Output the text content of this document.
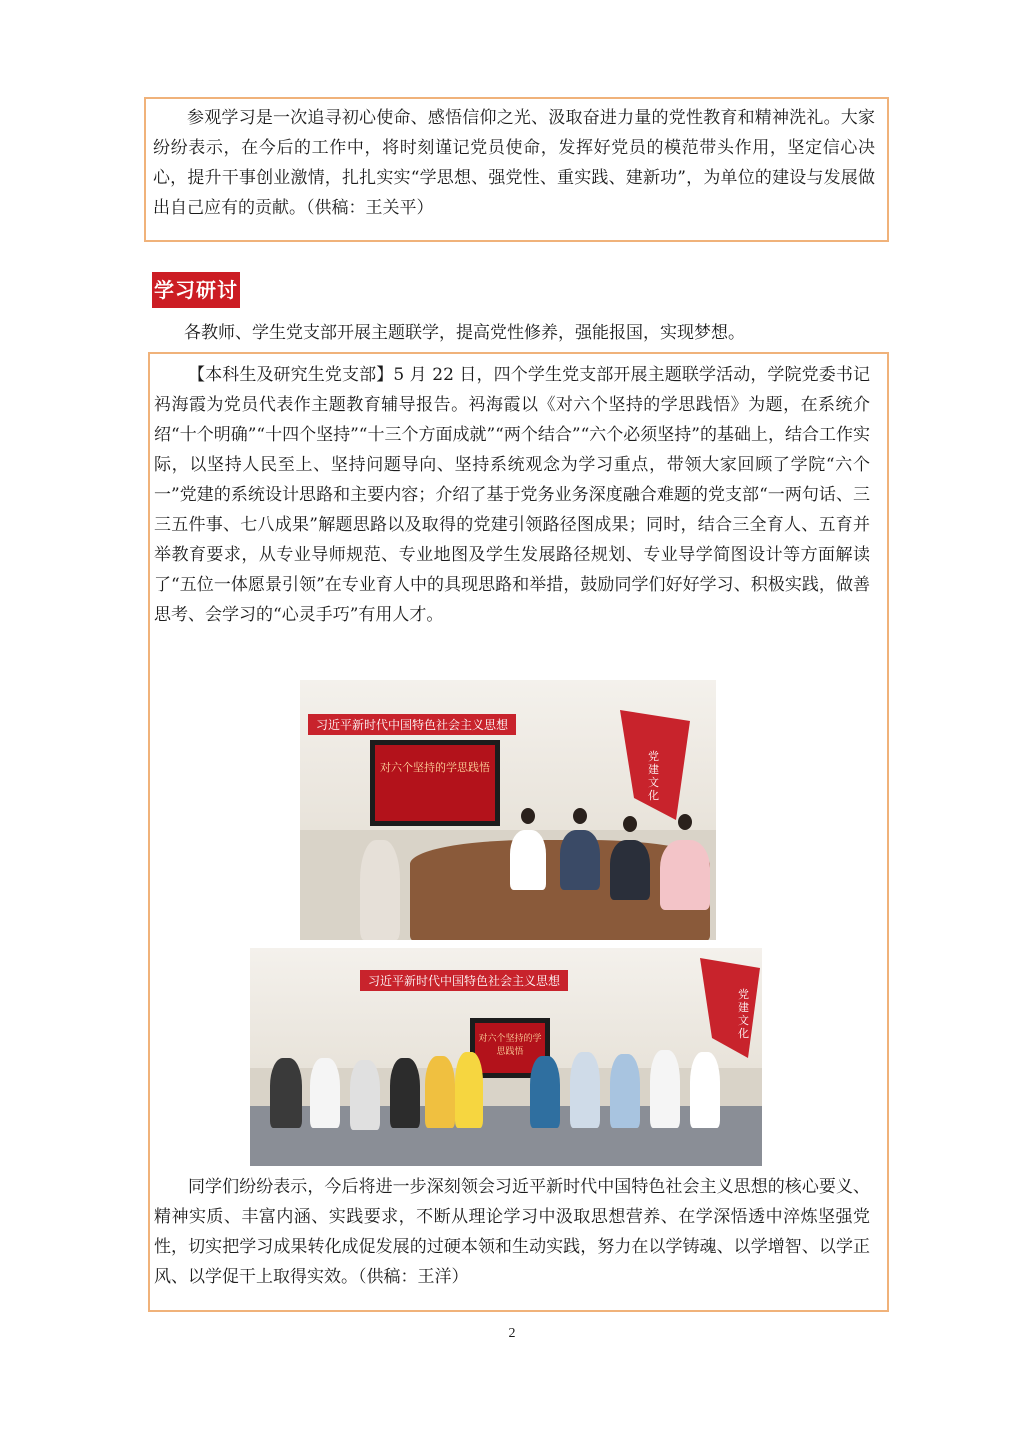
参观学习是一次追寻初心使命、感悟信仰之光、汲取奋进力量的党性教育和精神洗礼。大家纷纷表示，在今后的工作中，将时刻谨记党员使命，发挥好党员的模范带头作用，坚定信心决心，提升干事创业激情，扎扎实实“学思想、强党性、重实践、建新功”，为单位的建设与发展做出自己应有的贡献。（供稿：王关平）

学习研讨

各教师、学生党支部开展主题联学，提高党性修养，强能报国，实现梦想。

【本科生及研究生党支部】5 月 22 日，四个学生党支部开展主题联学活动，学院党委书记祃海霞为党员代表作主题教育辅导报告。祃海霞以《对六个坚持的学思践悟》为题，在系统介绍“十个明确”“十四个坚持”“十三个方面成就”“两个结合”“六个必须坚持”的基础上，结合工作实际，以坚持人民至上、坚持问题导向、坚持系统观念为学习重点，带领大家回顾了学院“六个一”党建的系统设计思路和主要内容；介绍了基于党务业务深度融合难题的党支部“一两句话、三三五件事、七八成果”解题思路以及取得的党建引领路径图成果；同时，结合三全育人、五育并举教育要求，从专业导师规范、专业地图及学生发展路径规划、专业导学简图设计等方面解读了“五位一体愿景引领”在专业育人中的具现思路和举措，鼓励同学们好好学习、积极实践，做善思考、会学习的“心灵手巧”有用人才。

习近平新时代中国特色社会主义思想
党建文化
对六个坚持的学思践悟
习近平新时代中国特色社会主义思想
党建文化
对六个坚持的学思践悟

同学们纷纷表示，今后将进一步深刻领会习近平新时代中国特色社会主义思想的核心要义、精神实质、丰富内涵、实践要求，不断从理论学习中汲取思想营养、在学深悟透中淬炼坚强党性，切实把学习成果转化成促发展的过硬本领和生动实践，努力在以学铸魂、以学增智、以学正风、以学促干上取得实效。（供稿：王洋）

2
